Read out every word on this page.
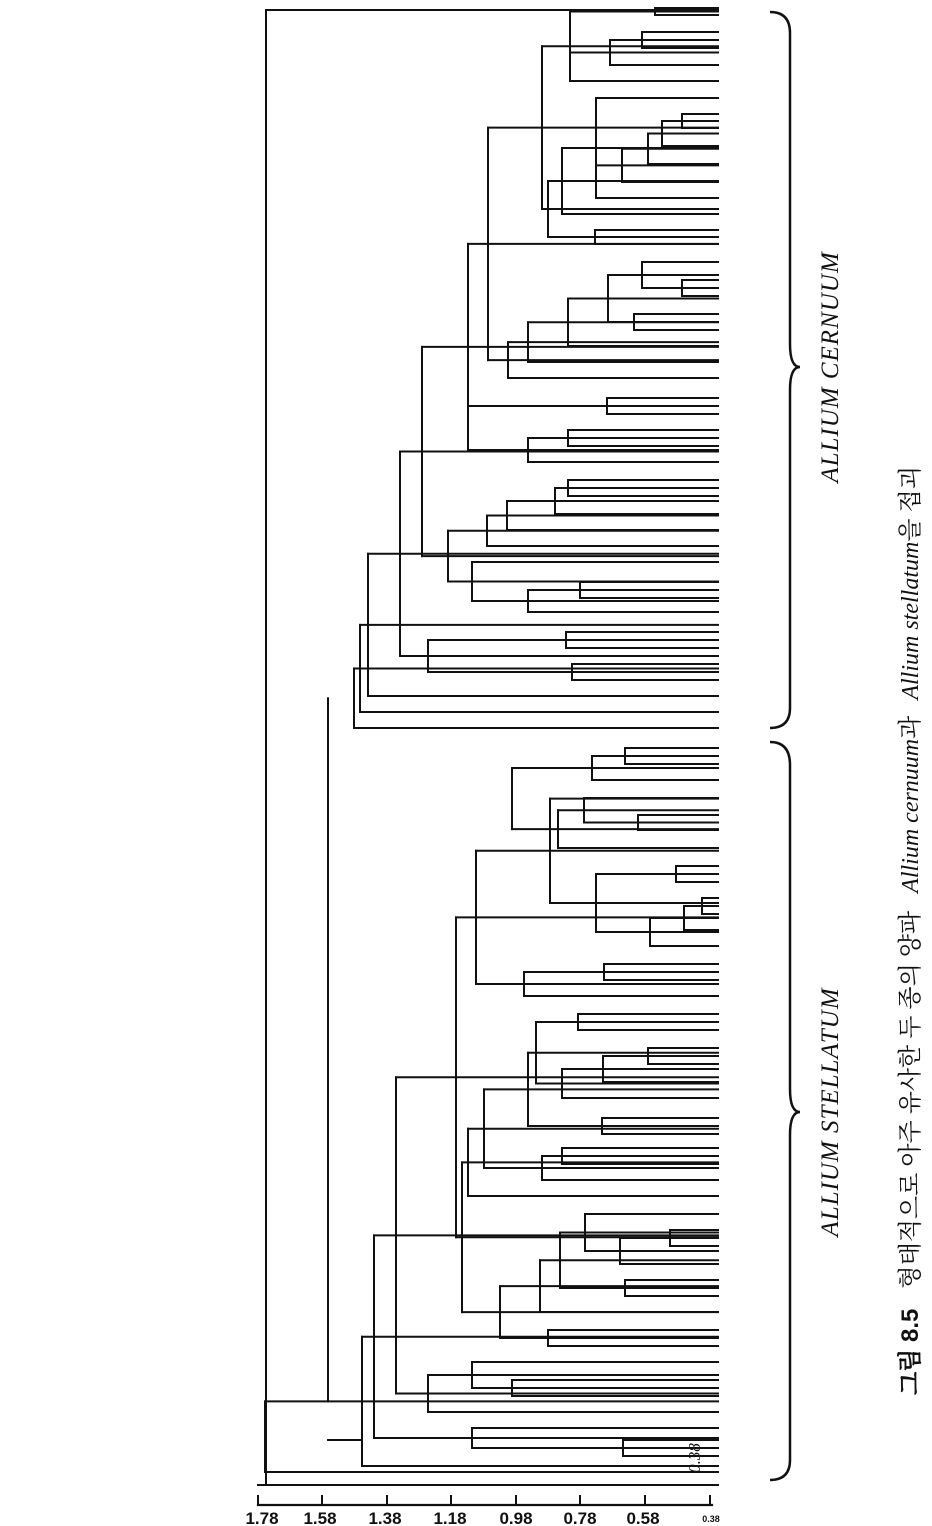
1.78 1.58 1.38 1.18 0.98 0.78 0.58	0.38
0.38
ALLIUM STELLATUM
ALLIUM CERNUUM
그림 8.5 형태적으로 아주 유사한 두 종의 양파 Allium cernuum과 Allium stellatum을 접괴
